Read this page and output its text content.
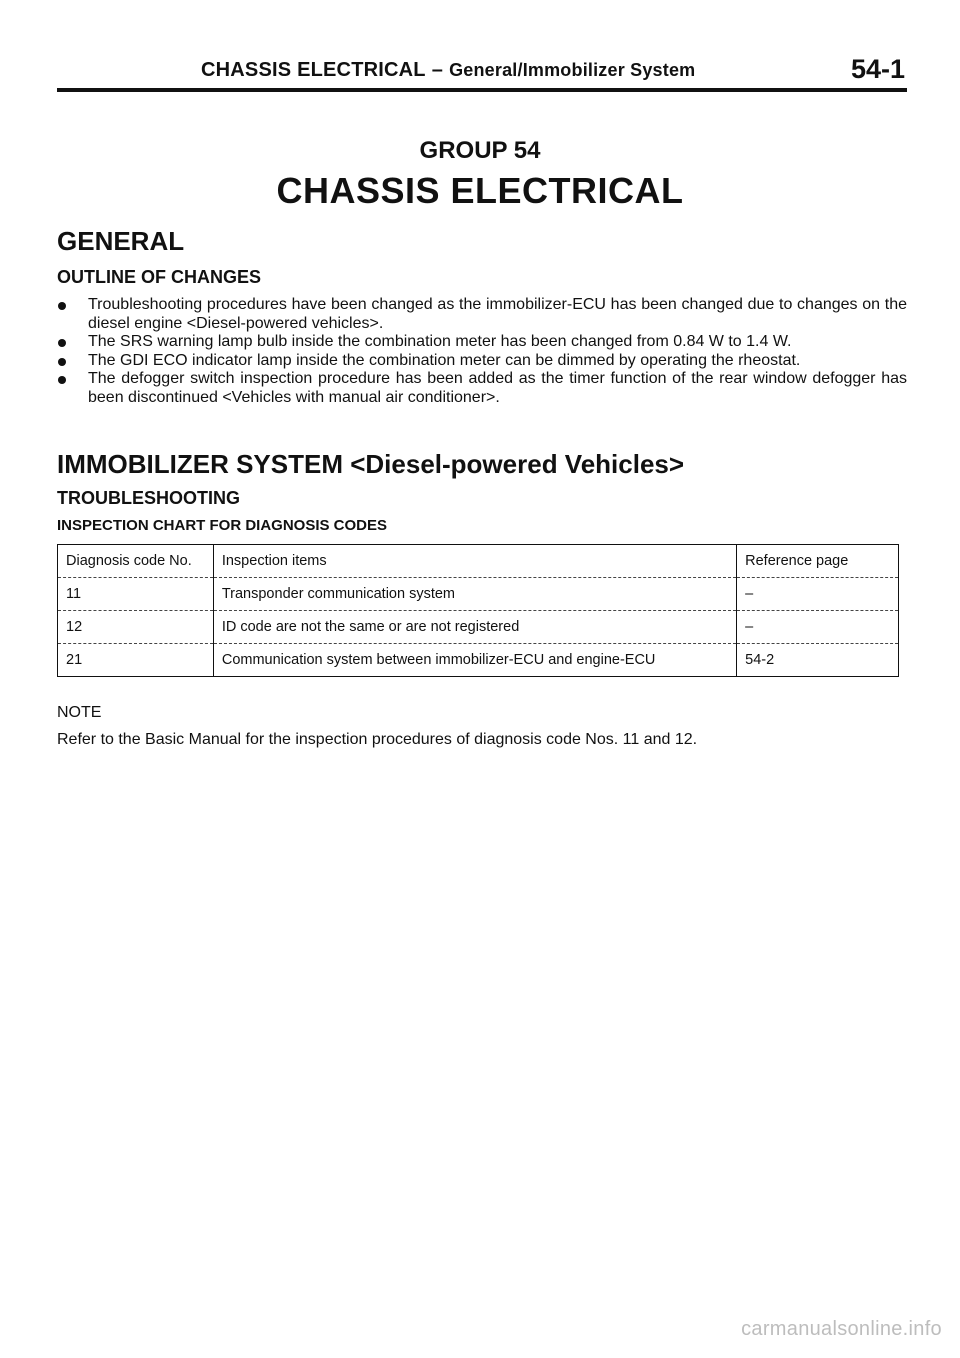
CHASSIS ELECTRICAL – General/Immobilizer System	54-1
GROUP 54
CHASSIS ELECTRICAL
GENERAL
OUTLINE OF CHANGES
Troubleshooting procedures have been changed as the immobilizer-ECU has been changed due to changes on the diesel engine <Diesel-powered vehicles>.
The SRS warning lamp bulb inside the combination meter has been changed from 0.84 W to 1.4 W.
The GDI ECO indicator lamp inside the combination meter can be dimmed by operating the rheostat.
The defogger switch inspection procedure has been added as the timer function of the rear window defogger has been discontinued <Vehicles with manual air conditioner>.
IMMOBILIZER SYSTEM <Diesel-powered Vehicles>
TROUBLESHOOTING
INSPECTION CHART FOR DIAGNOSIS CODES
Diagnosis code No.	Inspection items	Reference page
11	Transponder communication system	–
12	ID code are not the same or are not registered	–
21	Communication system between immobilizer-ECU and engine-ECU	54-2
NOTE
Refer to the Basic Manual for the inspection procedures of diagnosis code Nos. 11 and 12.
carmanualsonline.info
